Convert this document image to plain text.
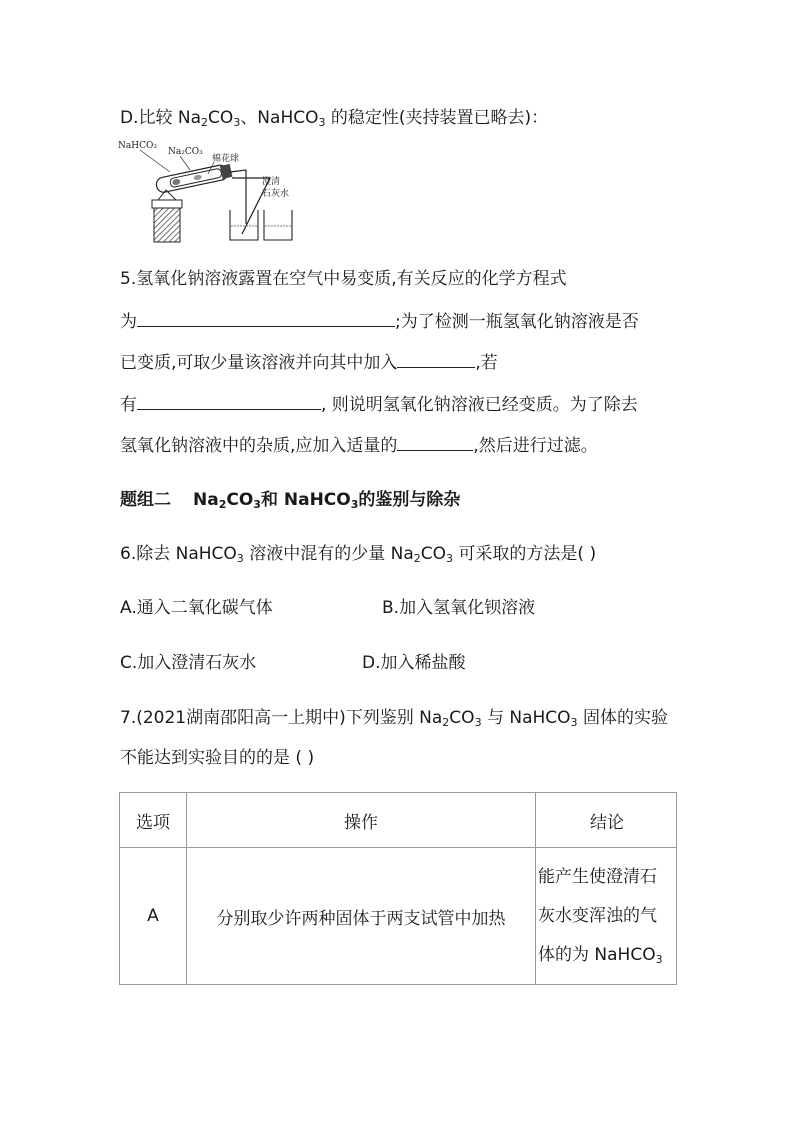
D.比较 $Na_2CO_3$、NaHCO$_3$ 的稳定性(夹持装置已略去)：
NaHCO₃
Na₂CO₃
棉花球
澄清
石灰水
5.氢氧化钠溶液露置在空气中易变质,有关反应的化学方程式
为	;为了检测一瓶氢氧化钠溶液是否
已变质,可取少量该溶液并向其中加入	,若
有	, 则说明氢氧化钠溶液已经变质。为了除去
氢氧化钠溶液中的杂质,应加入适量的	,然后进行过滤。
题组二 $Na_2CO_3$和 NaHCO$_3$的鉴别与除杂
6.除去 NaHCO$_3$ 溶液中混有的少量 $Na_2CO_3$ 可采取的方法是( )
A.通入二氧化碳气体	B.加入氢氧化钡溶液
C.加入澄清石灰水	D.加入稀盐酸
7.(2021湖南邵阳高一上期中)下列鉴别 $Na_2CO_3$ 与 NaHCO$_3$ 固体的实验
不能达到实验目的的是 ( )
选项	操作	结论
A	分别取少许两种固体于两支试管中加热	能产生使澄清石
灰水变浑浊的气
体的为 NaHCO$_3$
